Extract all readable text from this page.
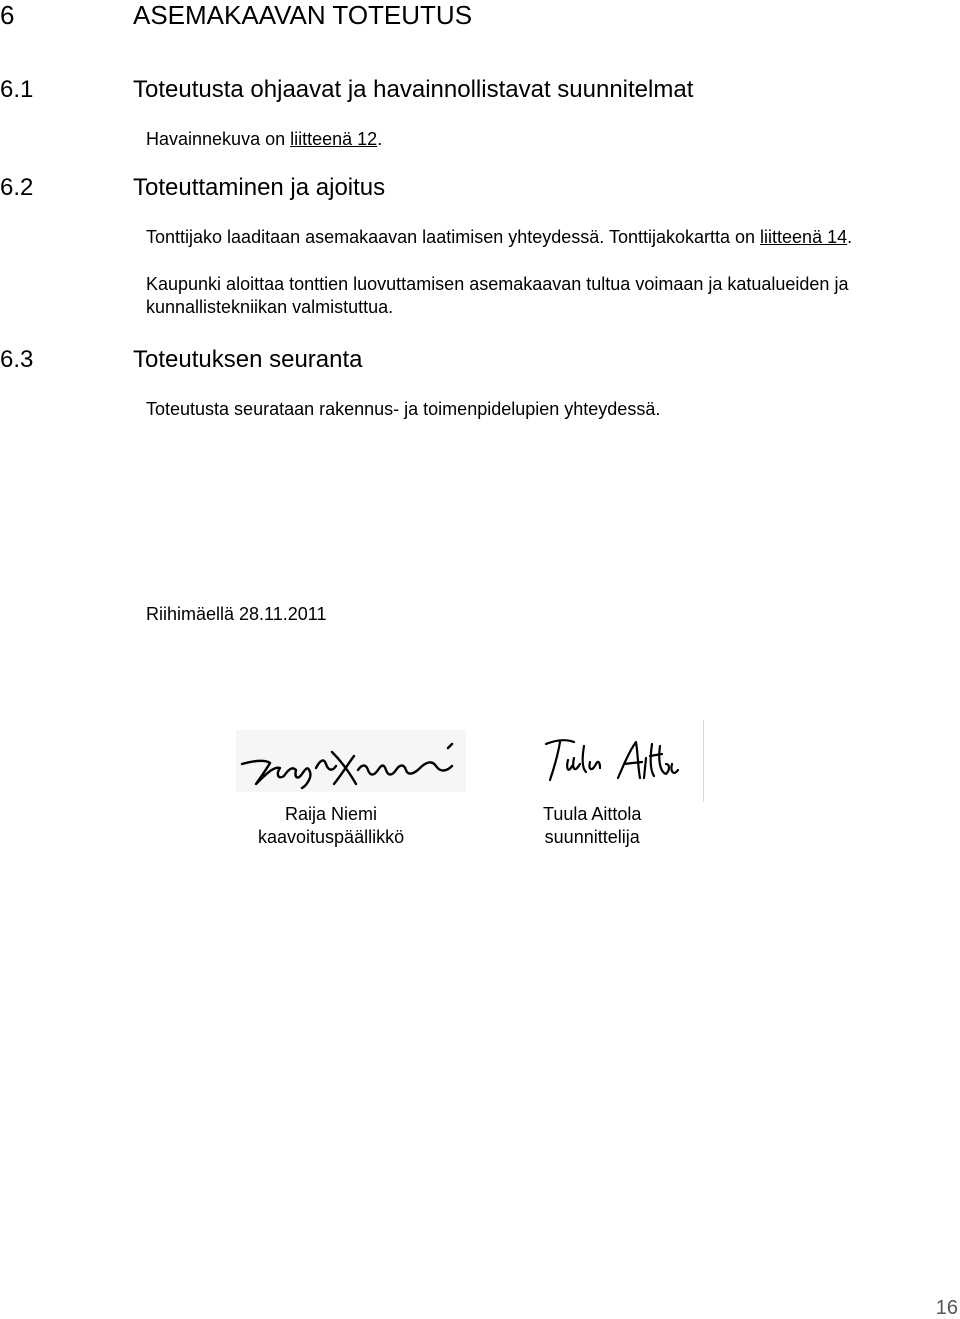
6	ASEMAKAAVAN TOTEUTUS
6.1	Toteutusta ohjaavat ja havainnollistavat suunnitelmat
Havainnekuva on liitteenä 12.
6.2	Toteuttaminen ja ajoitus
Tonttijako laaditaan asemakaavan laatimisen yhteydessä. Tonttijakokartta on liitteenä 14.
Kaupunki aloittaa tonttien luovuttamisen asemakaavan tultua voimaan ja katualueiden ja kunnallistekniikan valmistuttua.
6.3	Toteutuksen seuranta
Toteutusta seurataan rakennus- ja toimenpidelupien yhteydessä.
Riihimäellä 28.11.2011
Raija Niemi
kaavoituspäällikkö
Tuula Aittola
suunnittelija
16
